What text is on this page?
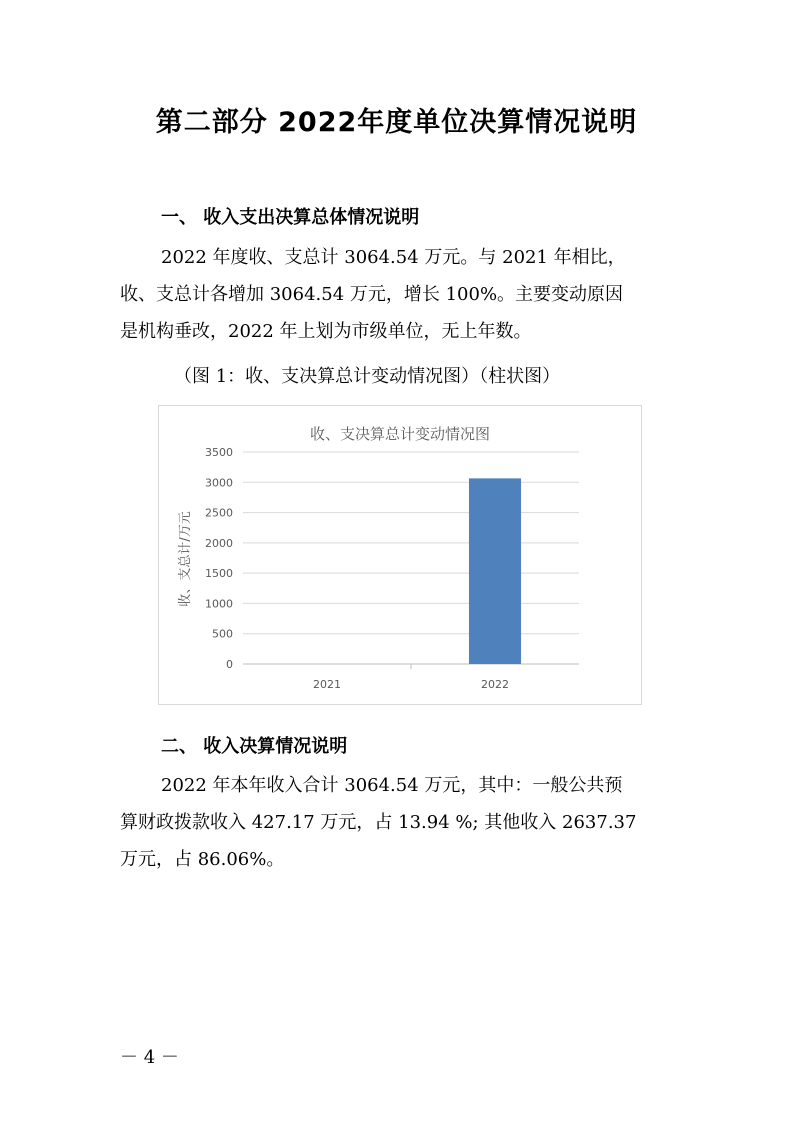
第二部分 2022年度单位决算情况说明
一、 收入支出决算总体情况说明

2022 年度收、支总计 3064.54 万元。与 2021 年相比，

收、支总计各增加 3064.54 万元，增长 100%。主要变动原因

是机构垂改，2022 年上划为市级单位，无上年数。

（图 1：收、支决算总计变动情况图）（柱状图）

收、支决算总计变动情况图
收、支总计/万元
0
500
1000
1500
2000
2500
3000
3500
2021	2022
二、 收入决算情况说明

2022 年本年收入合计 3064.54 万元，其中：一般公共预

算财政拨款收入 427.17 万元，占 13.94 %; 其他收入 2637.37

万元，占 86.06%。

－ 4 －
